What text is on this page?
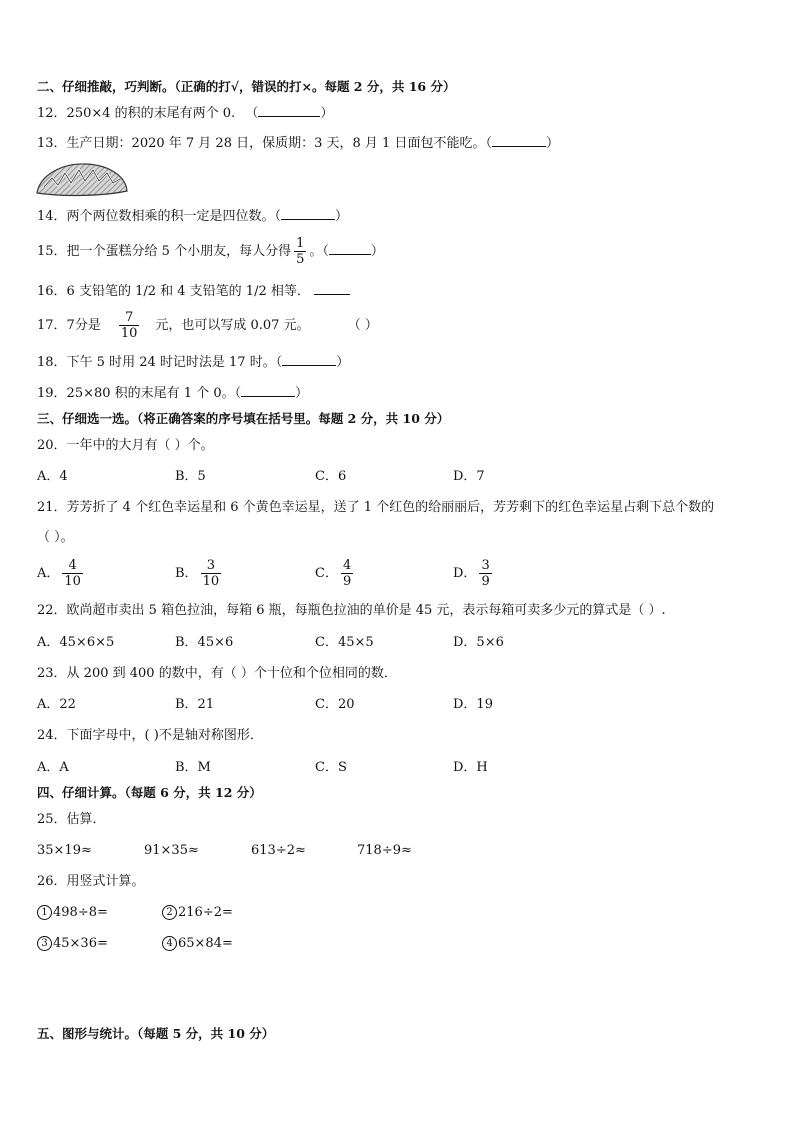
二、仔细推敲，巧判断。（正确的打√，错误的打×。每题 2 分，共 16 分）
12．250×4 的积的末尾有两个 0. （	）
13．生产日期：2020 年 7 月 28 日，保质期：3 天，8 月 1 日面包不能吃。（	）
14．两个两位数相乘的积一定是四位数。（	）
15．把一个蛋糕分给 5 个小朋友，每人分得 $\frac{1}{5}$ 。（	）
16．6 支铅笔的 1/2 和 4 支铅笔的 1/2 相等．
17．7分是 $\frac{7}{10}$ 元，也可以写成 0.07 元。	（ ）
18．下午 5 时用 24 时记时法是 17 时。（	）
19．25×80 积的末尾有 1 个 0。（	）
三、仔细选一选。（将正确答案的序号填在括号里。每题 2 分，共 10 分）
20．一年中的大月有（ ）个。
A．4	B．5	C．6	D．7
21．芳芳折了 4 个红色幸运星和 6 个黄色幸运星，送了 1 个红色的给丽丽后，芳芳剩下的红色幸运星占剩下总个数的
（ ）。
A． $\frac{4}{10}$	B． $\frac{3}{10}$	C． $\frac{4}{9}$	D． $\frac{3}{9}$
22．欧尚超市卖出 5 箱色拉油，每箱 6 瓶，每瓶色拉油的单价是 45 元，表示每箱可卖多少元的算式是（ ）.
A．45×6×5	B．45×6	C．45×5	D．5×6
23．从 200 到 400 的数中，有（ ）个十位和个位相同的数．
A．22	B．21	C．20	D．19
24．下面字母中，( )不是轴对称图形．
A．A	B．M	C．S	D．H
四、仔细计算。（每题 6 分，共 12 分）
25．估算．
35×19≈	91×35≈	613÷2≈	718÷9≈
26．用竖式计算。
1 498÷8=	2 216÷2=
3 45×36=	4 65×84=
五、图形与统计。（每题 5 分，共 10 分）
